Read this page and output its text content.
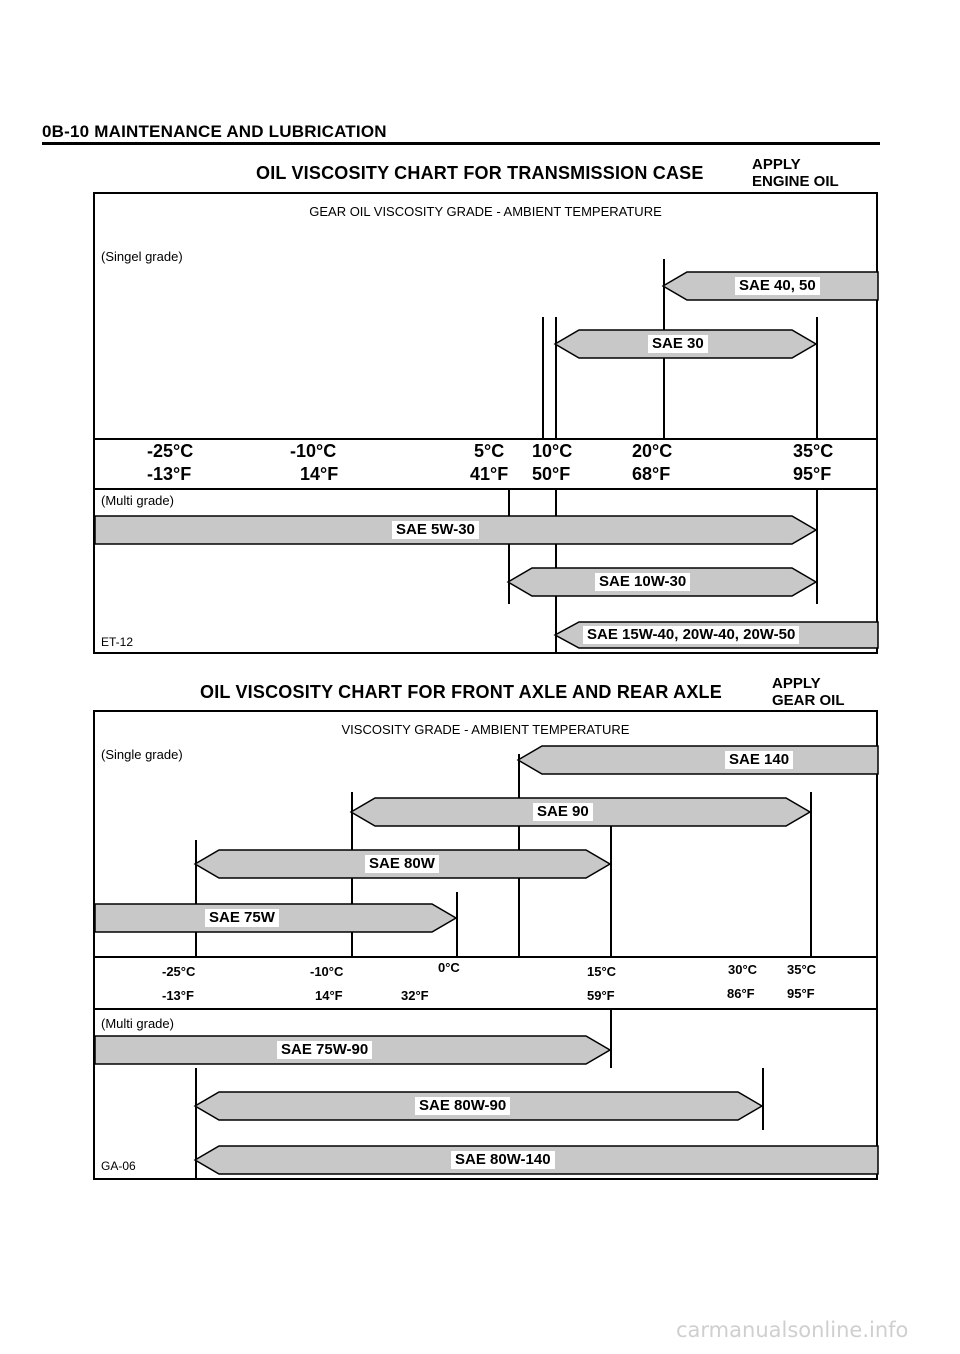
0B-10 MAINTENANCE AND LUBRICATION
OIL VISCOSITY CHART FOR TRANSMISSION CASE	APPLY
ENGINE OIL
GEAR OIL VISCOSITY GRADE - AMBIENT TEMPERATURE
(Singel grade)
-25°C	-10°C	5°C 10°C	20°C	35°C
-13°F	14°F	41°F 50°F	68°F	95°F
(Multi grade)
ET-12
SAE 40, 50
SAE 30
SAE 5W-30
SAE 10W-30
SAE 15W-40, 20W-40, 20W-50
OIL VISCOSITY CHART FOR FRONT AXLE AND REAR AXLE	APPLY
GEAR OIL
VISCOSITY GRADE - AMBIENT TEMPERATURE
(Single grade)
-25°C	-10°C	0°C	15°C	30°C 35°C
-13°F	14°F	32°F	59°F	86°F 95°F
(Multi grade)
GA-06
SAE 140
SAE 90
SAE 80W
SAE 75W
SAE 75W-90
SAE 80W-90
SAE 80W-140
carmanualsonline.info
